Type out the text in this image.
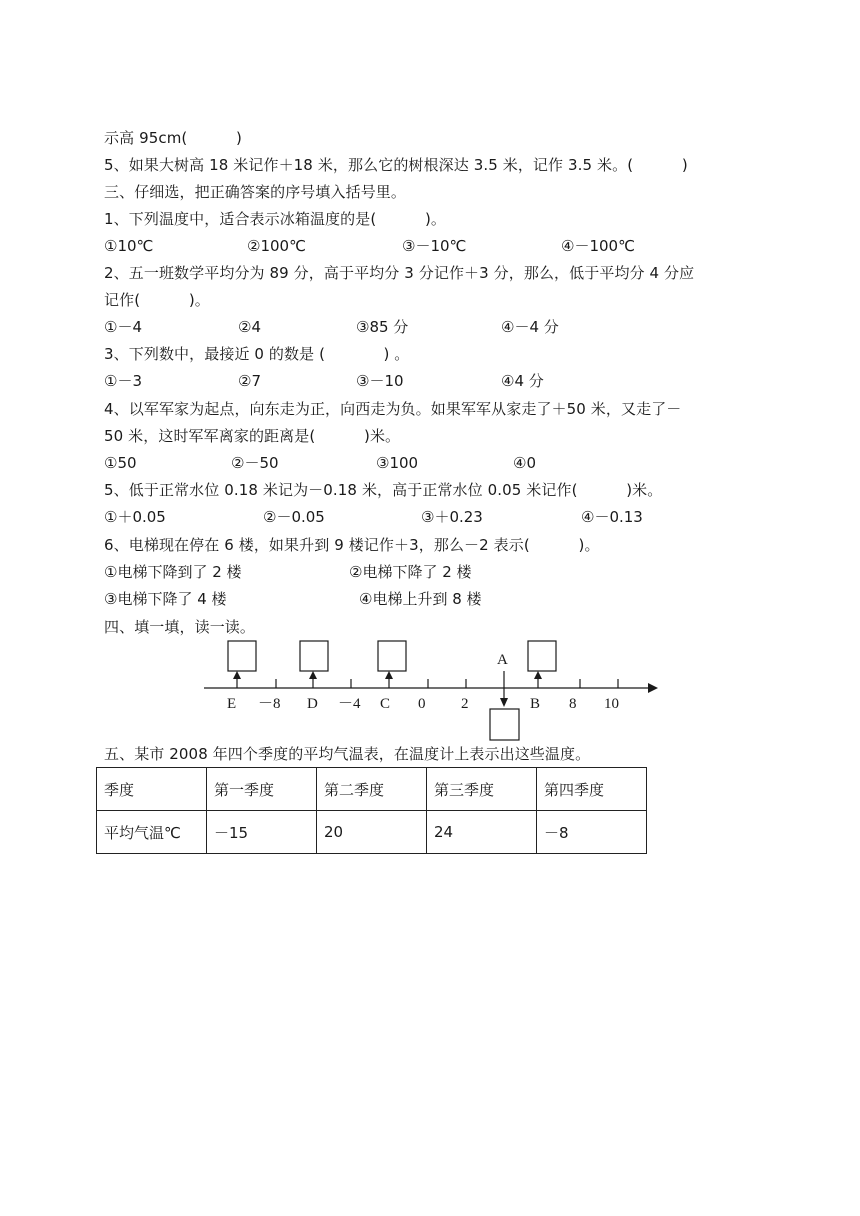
示高 95cm(          )
5、如果大树高 18 米记作＋18 米，那么它的树根深达 3.5 米，记作 3.5 米。(          )
三、仔细选，把正确答案的序号填入括号里。
1、下列温度中，适合表示冰箱温度的是(          )。
①10℃	②100℃	③－10℃	④－100℃
2、五一班数学平均分为 89 分，高于平均分 3 分记作＋3 分，那么，低于平均分 4 分应
记作(          )。
①－4	②4	③85 分	④－4 分
3、下列数中，最接近 0 的数是 (            ) 。
①－3	②7	③－10	④4 分
4、以军军家为起点，向东走为正，向西走为负。如果军军从家走了＋50 米，又走了－
50 米，这时军军离家的距离是(          )米。
①50	②－50	③100	④0
5、低于正常水位 0.18 米记为－0.18 米，高于正常水位 0.05 米记作(          )米。
①＋0.05	②－0.05	③＋0.23	④－0.13
6、电梯现在停在 6 楼，如果升到 9 楼记作＋3，那么－2 表示(          )。
①电梯下降到了 2 楼	②电梯下降了 2 楼
③电梯下降了 4 楼	④电梯上升到 8 楼
四、填一填，读一读。
A
E －8 D －4 C 0 2	B 8 10
五、某市 2008 年四个季度的平均气温表，在温度计上表示出这些温度。
季度	第一季度	第二季度	第三季度	第四季度
平均气温℃	－15	20	24	－8
